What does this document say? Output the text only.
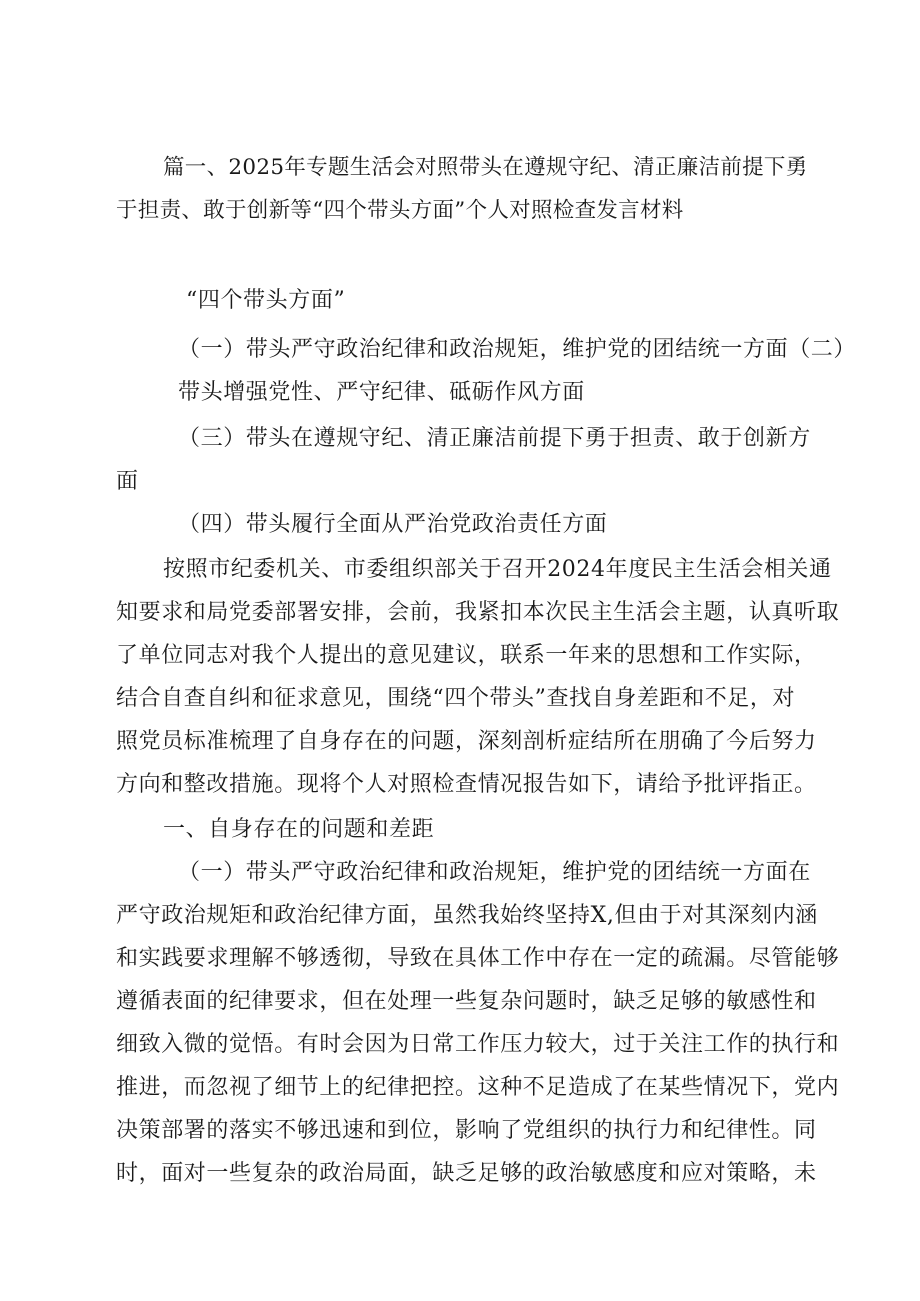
篇一、2025年专题生活会对照带头在遵规守纪、清正廉洁前提下勇
于担责、敢于创新等“四个带头方面”个人对照检查发言材料
“四个带头方面”
（一）带头严守政治纪律和政治规矩，维护党的团结统一方面（二）
带头增强党性、严守纪律、砥砺作风方面
（三）带头在遵规守纪、清正廉洁前提下勇于担责、敢于创新方
面
（四）带头履行全面从严治党政治责任方面
按照市纪委机关、市委组织部关于召开2024年度民主生活会相关通
知要求和局党委部署安排，会前，我紧扣本次民主生活会主题，认真听取
了单位同志对我个人提出的意见建议，联系一年来的思想和工作实际，
结合自查自纠和征求意见，围绕“四个带头”查找自身差距和不足，对
照党员标准梳理了自身存在的问题，深刻剖析症结所在朋确了今后努力
方向和整改措施。现将个人对照检查情况报告如下，请给予批评指正。
一、自身存在的问题和差距
（一）带头严守政治纪律和政治规矩，维护党的团结统一方面在
严守政治规矩和政治纪律方面，虽然我始终坚持X,但由于对其深刻内涵
和实践要求理解不够透彻，导致在具体工作中存在一定的疏漏。尽管能够
遵循表面的纪律要求，但在处理一些复杂问题时，缺乏足够的敏感性和
细致入微的觉悟。有时会因为日常工作压力较大，过于关注工作的执行和
推进，而忽视了细节上的纪律把控。这种不足造成了在某些情况下，党内
决策部署的落实不够迅速和到位，影响了党组织的执行力和纪律性。同
时，面对一些复杂的政治局面，缺乏足够的政治敏感度和应对策略，未
